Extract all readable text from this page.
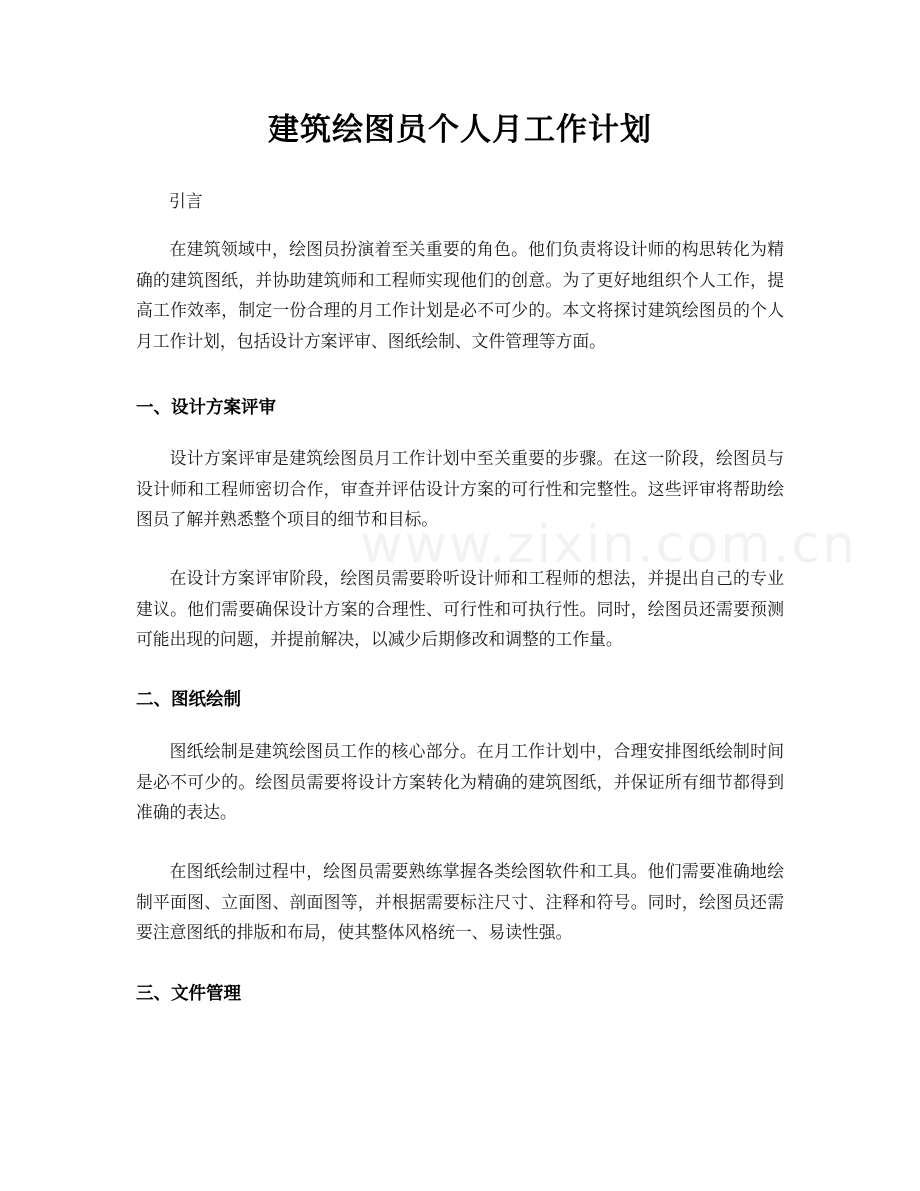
建筑绘图员个人月工作计划
引言

在建筑领域中，绘图员扮演着至关重要的角色。他们负责将设计师的构思转化为精确的建筑图纸，并协助建筑师和工程师实现他们的创意。为了更好地组织个人工作，提高工作效率，制定一份合理的月工作计划是必不可少的。本文将探讨建筑绘图员的个人月工作计划，包括设计方案评审、图纸绘制、文件管理等方面。

一、设计方案评审

设计方案评审是建筑绘图员月工作计划中至关重要的步骤。在这一阶段，绘图员与设计师和工程师密切合作，审查并评估设计方案的可行性和完整性。这些评审将帮助绘图员了解并熟悉整个项目的细节和目标。

在设计方案评审阶段，绘图员需要聆听设计师和工程师的想法，并提出自己的专业建议。他们需要确保设计方案的合理性、可行性和可执行性。同时，绘图员还需要预测可能出现的问题，并提前解决，以减少后期修改和调整的工作量。

二、图纸绘制

图纸绘制是建筑绘图员工作的核心部分。在月工作计划中，合理安排图纸绘制时间是必不可少的。绘图员需要将设计方案转化为精确的建筑图纸，并保证所有细节都得到准确的表达。

在图纸绘制过程中，绘图员需要熟练掌握各类绘图软件和工具。他们需要准确地绘制平面图、立面图、剖面图等，并根据需要标注尺寸、注释和符号。同时，绘图员还需要注意图纸的排版和布局，使其整体风格统一、易读性强。

三、文件管理
www.zixin.com.cn
